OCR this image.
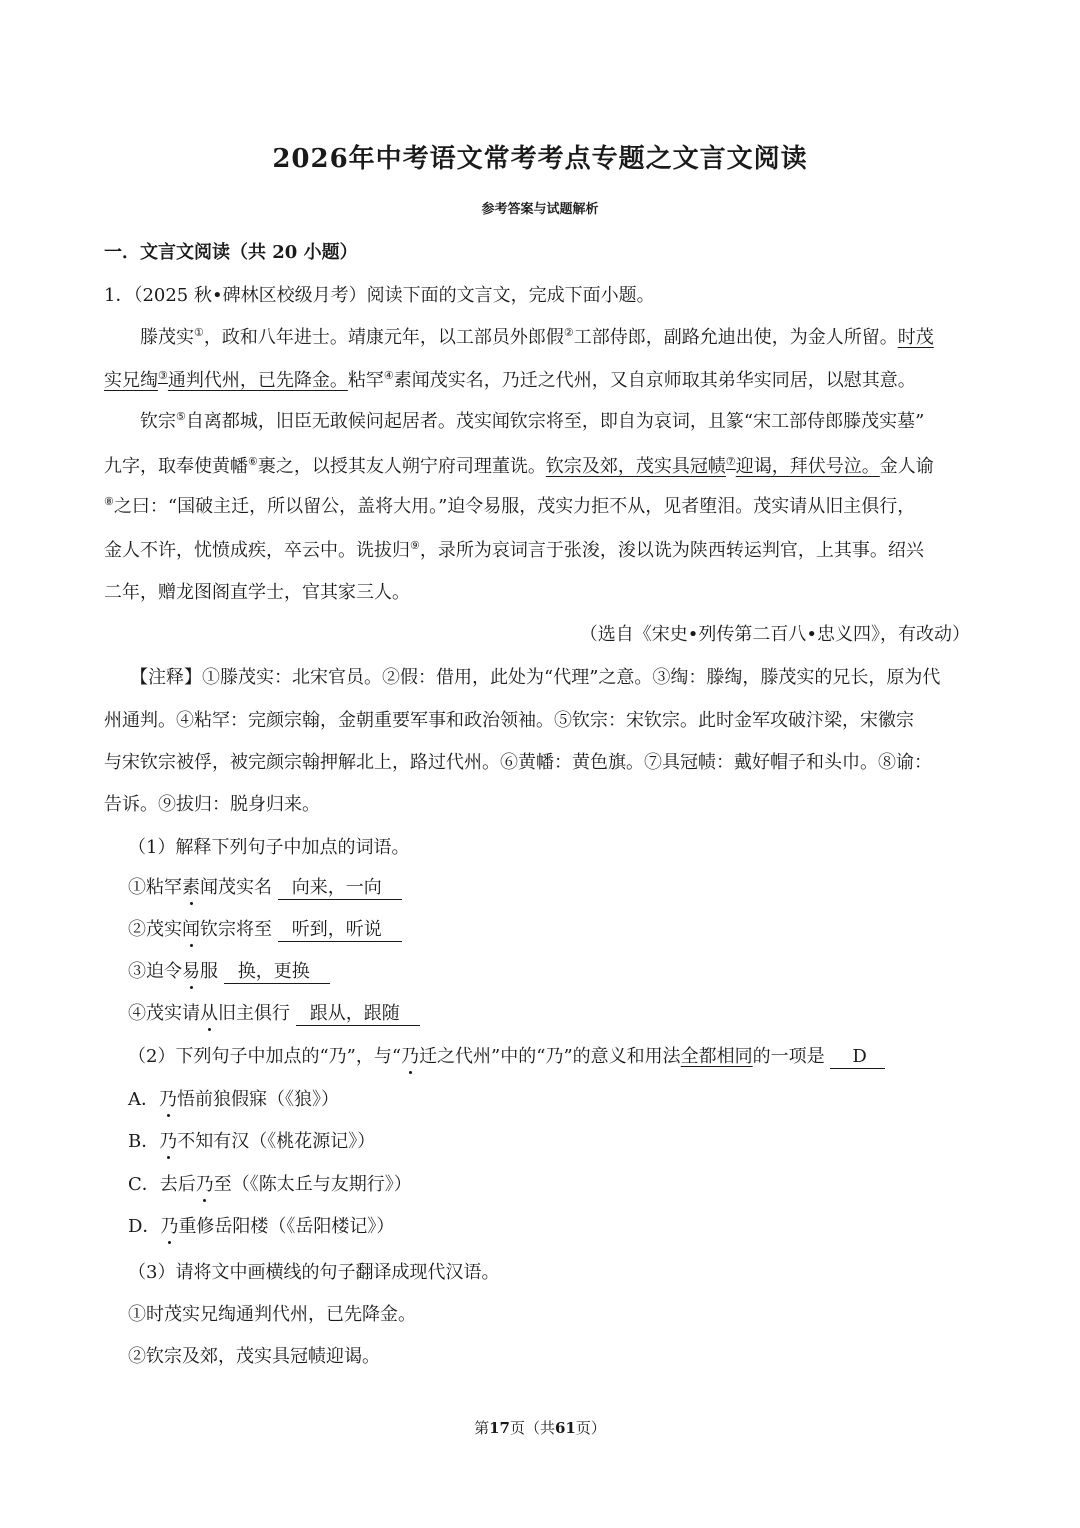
2026年中考语文常考考点专题之文言文阅读
参考答案与试题解析
一．文言文阅读（共 20 小题）
1．（2025 秋•碑林区校级月考）阅读下面的文言文，完成下面小题。
滕茂实①，政和八年进士。靖康元年，以工部员外郎假②工部侍郎，副路允迪出使，为金人所留。时茂
实兄绹③通判代州，已先降金。粘罕④素闻茂实名，乃迁之代州，又自京师取其弟华实同居，以慰其意。
钦宗⑤自离都城，旧臣无敢候问起居者。茂实闻钦宗将至，即自为哀词，且篆“宋工部侍郎滕茂实墓”
九字，取奉使黄幡⑥裹之，以授其友人朔宁府司理董诜。钦宗及郊，茂实具冠帻⑦迎谒，拜伏号泣。金人谕
⑧之曰：“国破主迁，所以留公，盖将大用。”迫令易服，茂实力拒不从，见者堕泪。茂实请从旧主俱行，
金人不许，忧愤成疾，卒云中。诜拔归⑨，录所为哀词言于张浚，浚以诜为陕西转运判官，上其事。绍兴
二年，赠龙图阁直学士，官其家三人。
（选自《宋史•列传第二百八•忠义四》，有改动）
【注释】①滕茂实：北宋官员。②假：借用，此处为“代理”之意。③绹：滕绹，滕茂实的兄长，原为代
州通判。④粘罕：完颜宗翰，金朝重要军事和政治领袖。⑤钦宗：宋钦宗。此时金军攻破汴梁，宋徽宗
与宋钦宗被俘，被完颜宗翰押解北上，路过代州。⑥黄幡：黄色旗。⑦具冠帻：戴好帽子和头巾。⑧谕：
告诉。⑨拔归：脱身归来。
（1）解释下列句子中加点的词语。
①粘罕素闻茂实名 向来，一向
②茂实闻钦宗将至 听到，听说
③迫令易服 换，更换
④茂实请从旧主俱行 跟从，跟随
（2）下列句子中加点的“乃”，与“乃迁之代州”中的“乃”的意义和用法全都相同的一项是 D
A．乃悟前狼假寐（《狼》）
B．乃不知有汉（《桃花源记》）
C．去后乃至（《陈太丘与友期行》）
D．乃重修岳阳楼（《岳阳楼记》）
（3）请将文中画横线的句子翻译成现代汉语。
①时茂实兄绹通判代州，已先降金。
②钦宗及郊，茂实具冠帻迎谒。
第17页（共61页）
